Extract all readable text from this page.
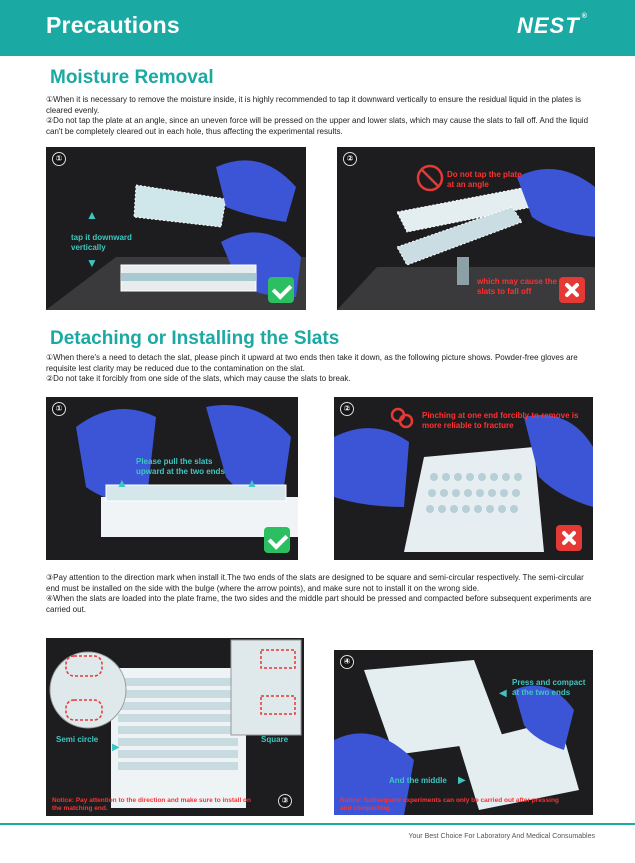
Precautions	NEST ®
Moisture Removal

①When it is necessary to remove the moisture inside, it is highly recommended to tap it downward vertically to ensure the residual liquid in the plates is cleared evenly.

②Do not tap the plate at an angle, since an uneven force will be pressed on the upper and lower slats, which may cause the slats to fall off. And the liquid can't be completely cleared out in each hole, thus affecting the experimental results.

①
▲
tap it downward vertically
▼
②
Do not tap the plate at an angle
which may cause the slats to fall off
Detaching or Installing the Slats

①When there's a need to detach the slat, please pinch it upward at two ends then take it down, as the following picture shows. Powder-free gloves are requisite lest clarity may be reduced due to the contamination on the slat.

②Do not take it forcibly from one side of the slats, which may cause the slats to break.

①
Please pull the slats upward at the two ends
▲	▲
②
Pinching at one end forcibly to remove is more reliable to fracture

③Pay attention to the direction mark when install it.The two ends of the slats are designed to be square and semi-circular respectively. The semi-circular end must be installed on the side with the bulge (where the arrow points), and make sure not to install it on the wrong side.

④When the slats are loaded into the plate frame, the two sides and the middle part should be pressed and compacted before subsequent experiments are carried out.

③
Semi circle
▶
Square
Notice: Pay attention to the direction and make sure to install on the matching end.
④
◀
Press and compact at the two ends
And the middle ▶
Notice: Subsequent experiments can only be carried out after pressing and compacting.
Your Best Choice For Laboratory And Medical Consumables
